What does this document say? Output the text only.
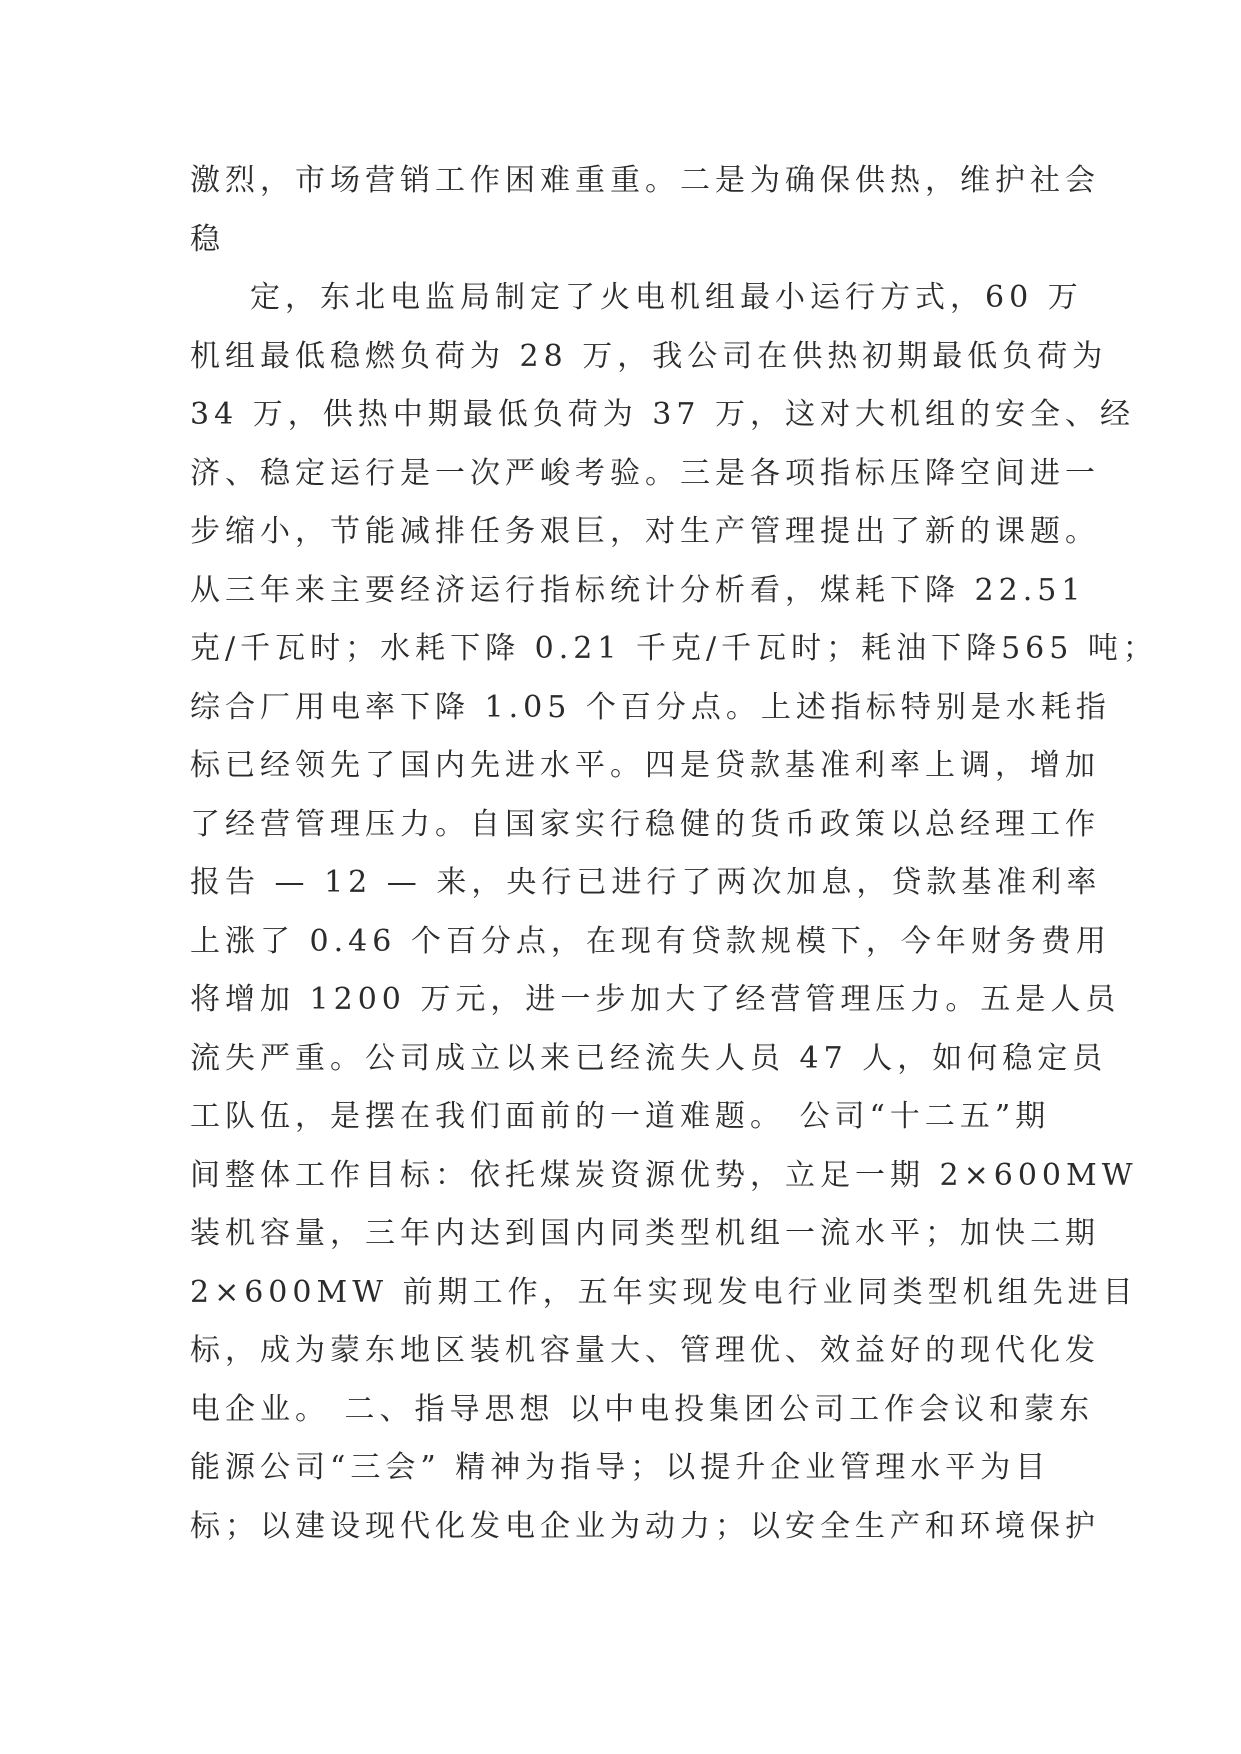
激烈，市场营销工作困难重重。二是为确保供热，维护社会
稳
定，东北电监局制定了火电机组最小运行方式，60 万
机组最低稳燃负荷为 28 万，我公司在供热初期最低负荷为
34 万，供热中期最低负荷为 37 万，这对大机组的安全、经
济、稳定运行是一次严峻考验。三是各项指标压降空间进一
步缩小，节能减排任务艰巨，对生产管理提出了新的课题。
从三年来主要经济运行指标统计分析看，煤耗下降 22.51
克/千瓦时；水耗下降 0.21 千克/千瓦时；耗油下降565 吨；
综合厂用电率下降 1.05 个百分点。上述指标特别是水耗指
标已经领先了国内先进水平。四是贷款基准利率上调，增加
了经营管理压力。自国家实行稳健的货币政策以总经理工作
报告 — 12 — 来，央行已进行了两次加息，贷款基准利率
上涨了 0.46 个百分点，在现有贷款规模下，今年财务费用
将增加 1200 万元，进一步加大了经营管理压力。五是人员
流失严重。公司成立以来已经流失人员 47 人，如何稳定员
工队伍，是摆在我们面前的一道难题。 公司“十二五”期
间整体工作目标：依托煤炭资源优势，立足一期 2×600MW
装机容量，三年内达到国内同类型机组一流水平；加快二期
2×600MW 前期工作，五年实现发电行业同类型机组先进目
标，成为蒙东地区装机容量大、管理优、效益好的现代化发
电企业。 二、指导思想 以中电投集团公司工作会议和蒙东
能源公司“三会” 精神为指导；以提升企业管理水平为目
标；以建设现代化发电企业为动力；以安全生产和环境保护
